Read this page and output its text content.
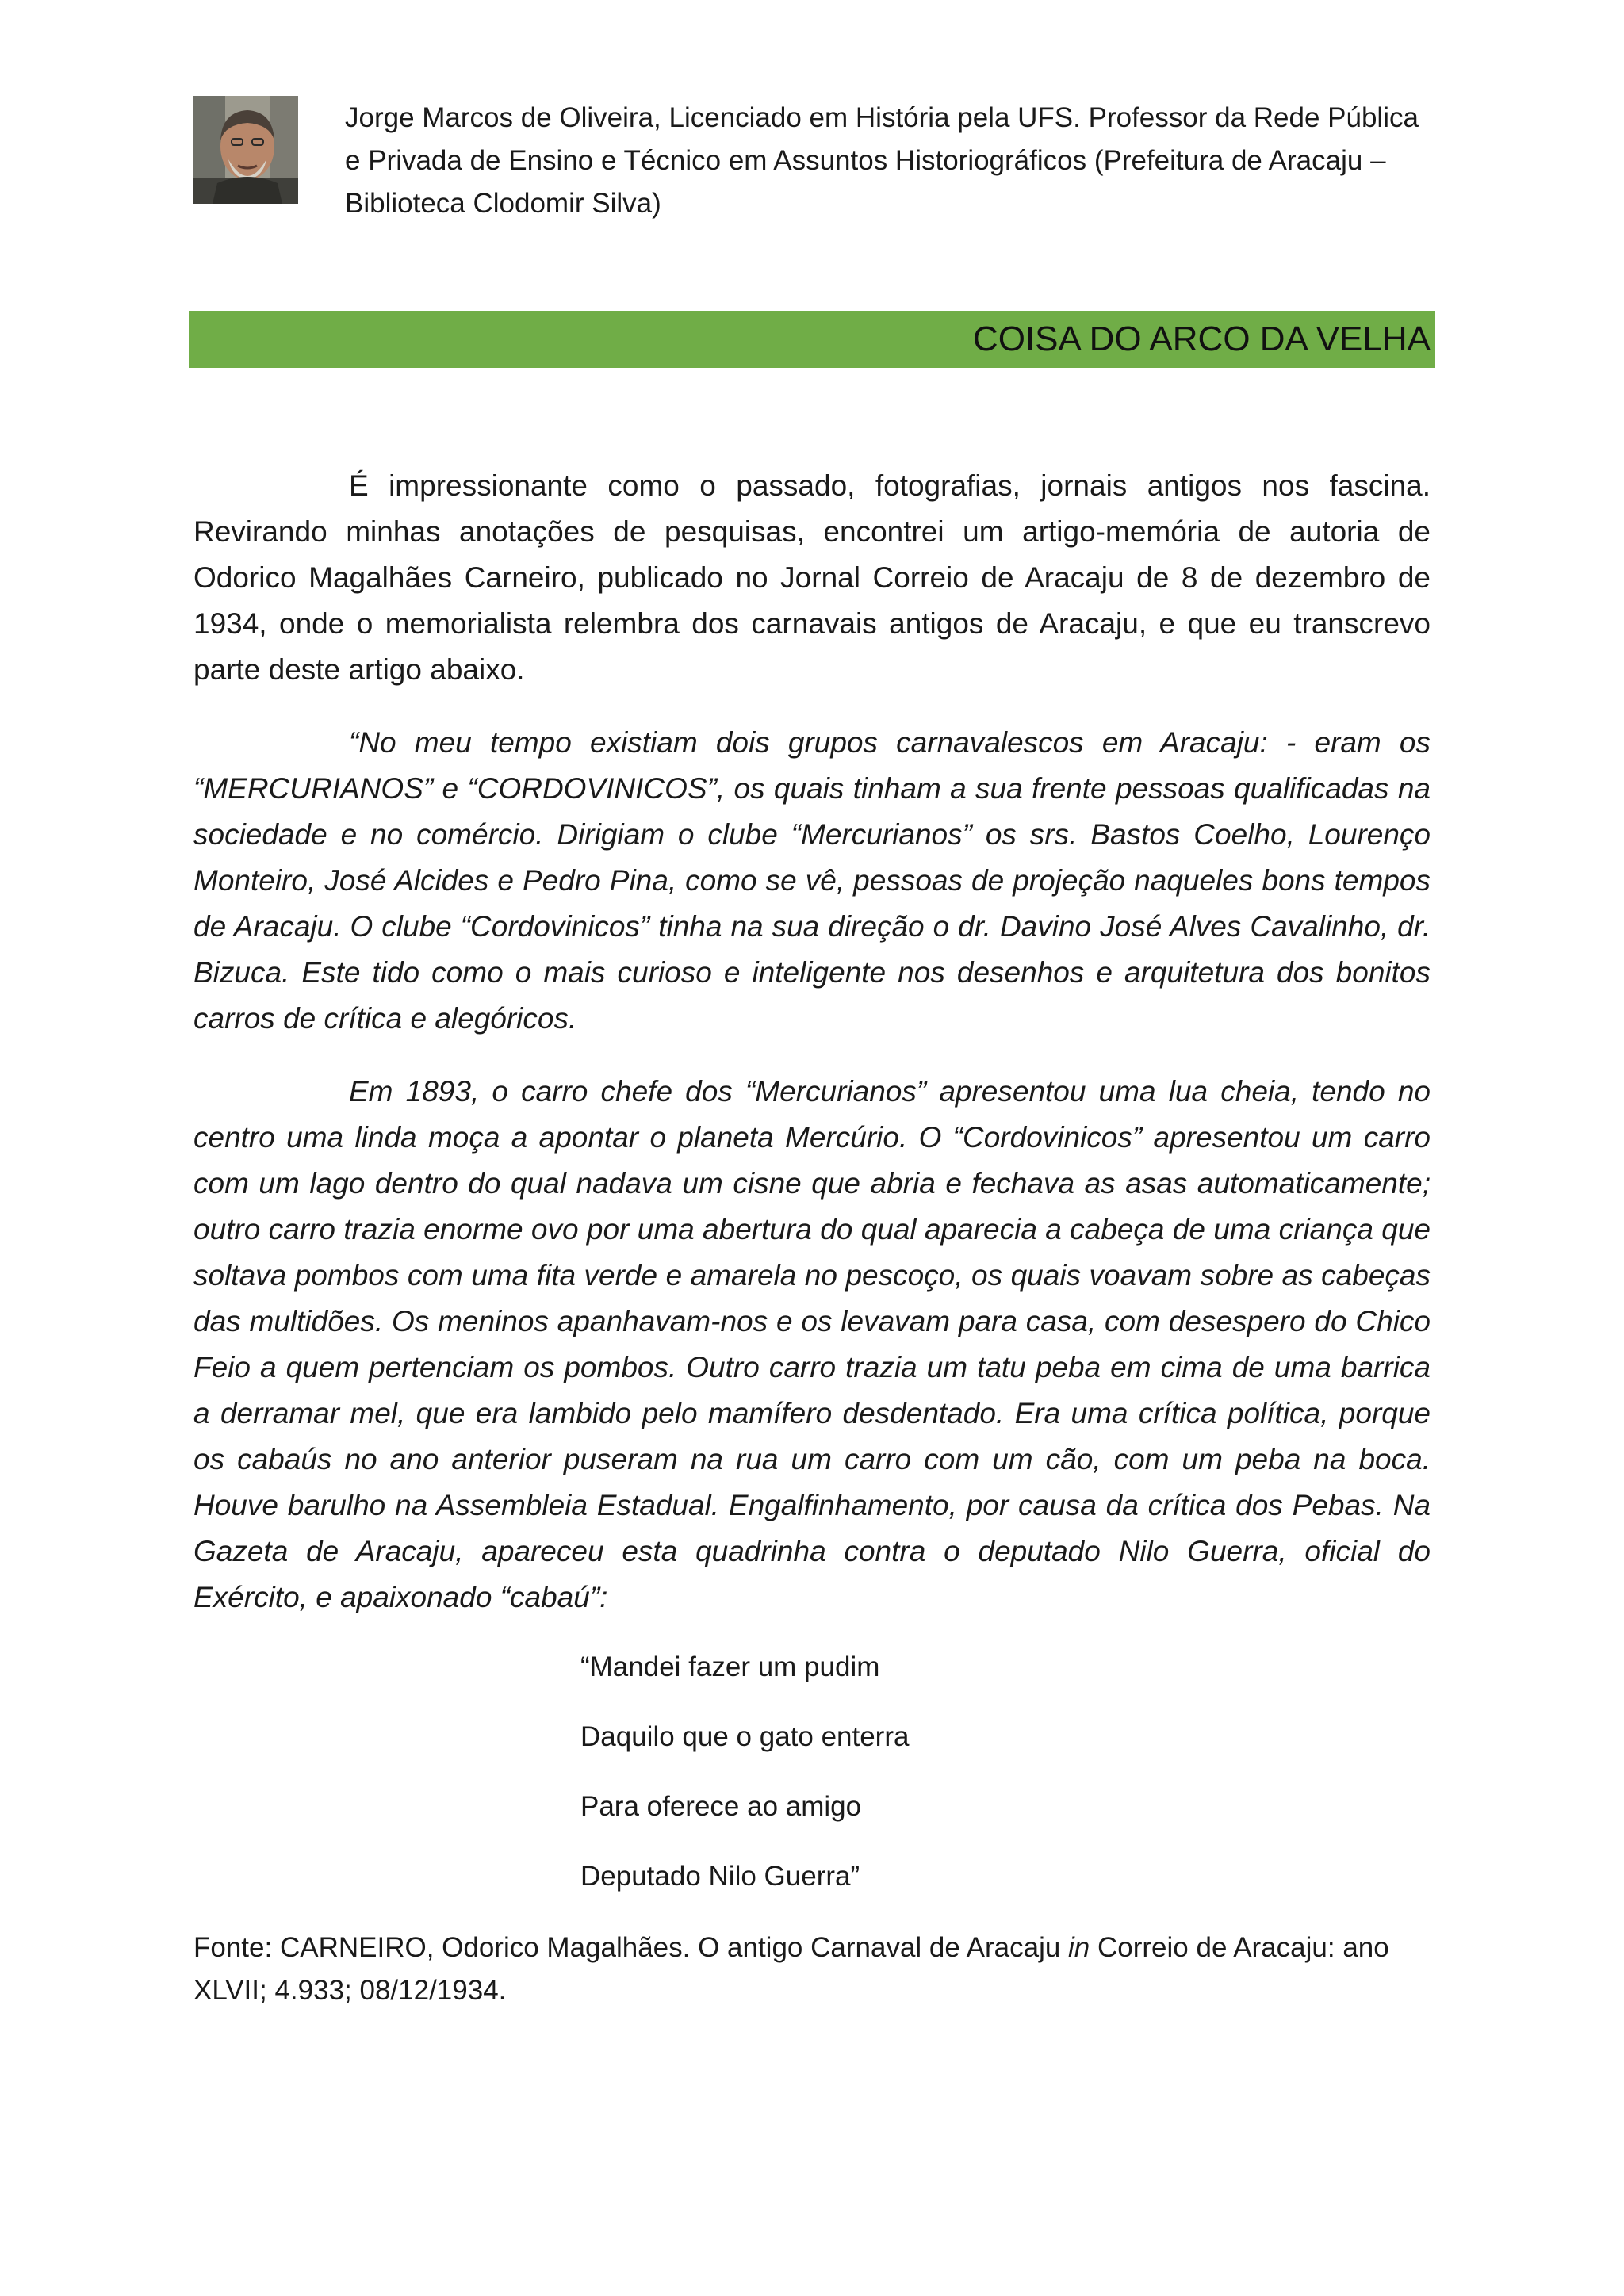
Jorge Marcos de Oliveira, Licenciado em História pela UFS. Professor da Rede Pública e Privada de Ensino e Técnico em Assuntos Historiográficos (Prefeitura de Aracaju – Biblioteca Clodomir Silva)

COISA DO ARCO DA VELHA

É impressionante como o passado, fotografias, jornais antigos nos fascina. Revirando minhas anotações de pesquisas, encontrei um artigo-memória de autoria de Odorico Magalhães Carneiro, publicado no Jornal Correio de Aracaju de 8 de dezembro de 1934, onde o memorialista relembra dos carnavais antigos de Aracaju, e que eu transcrevo parte deste artigo abaixo.

“No meu tempo existiam dois grupos carnavalescos em Aracaju: - eram os “MERCURIANOS” e “CORDOVINICOS”, os quais tinham a sua frente pessoas qualificadas na sociedade e no comércio. Dirigiam o clube “Mercurianos” os srs. Bastos Coelho, Lourenço Monteiro, José Alcides e Pedro Pina, como se vê, pessoas de projeção naqueles bons tempos de Aracaju. O clube “Cordovinicos” tinha na sua direção o dr. Davino José Alves Cavalinho, dr. Bizuca. Este tido como o mais curioso e inteligente nos desenhos e arquitetura dos bonitos carros de crítica e alegóricos.

Em 1893, o carro chefe dos “Mercurianos” apresentou uma lua cheia, tendo no centro uma linda moça a apontar o planeta Mercúrio. O “Cordovinicos” apresentou um carro com um lago dentro do qual nadava um cisne que abria e fechava as asas automaticamente; outro carro trazia enorme ovo por uma abertura do qual aparecia a cabeça de uma criança que soltava pombos com uma fita verde e amarela no pescoço, os quais voavam sobre as cabeças das multidões. Os meninos apanhavam-nos e os levavam para casa, com desespero do Chico Feio a quem pertenciam os pombos. Outro carro trazia um tatu peba em cima de uma barrica a derramar mel, que era lambido pelo mamífero desdentado. Era uma crítica política, porque os cabaús no ano anterior puseram na rua um carro com um cão, com um peba na boca. Houve barulho na Assembleia Estadual. Engalfinhamento, por causa da crítica dos Pebas. Na Gazeta de Aracaju, apareceu esta quadrinha contra o deputado Nilo Guerra, oficial do Exército, e apaixonado “cabaú”:

“Mandei fazer um pudim

Daquilo que o gato enterra

Para oferece ao amigo

Deputado Nilo Guerra”

Fonte: CARNEIRO, Odorico Magalhães. O antigo Carnaval de Aracaju in Correio de Aracaju: ano XLVII; 4.933; 08/12/1934.
